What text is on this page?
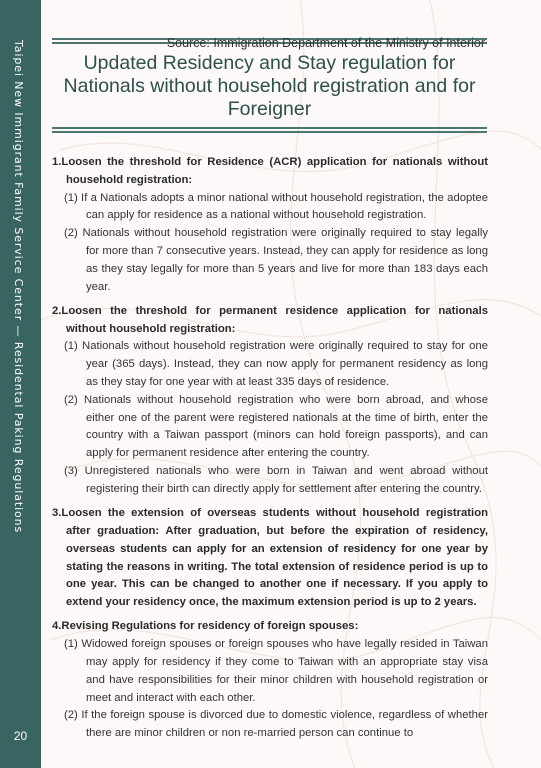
Taipei New Immigrant Family Service Center — Residental Paking Regulations
20
Source: Immigration Department of the Ministry of Interior
Updated Residency and Stay regulation for Nationals without household registration and for Foreigner

1.Loosen the threshold for Residence (ACR) application for nationals without household registration:

(1) If a Nationals adopts a minor national without household registration, the adoptee can apply for residence as a national without household registration.

(2) Nationals without household registration were originally required to stay legally for more than 7 consecutive years. Instead, they can apply for residence as long as they stay legally for more than 5 years and live for more than 183 days each year.

2.Loosen the threshold for permanent residence application for nationals without household registration:

(1) Nationals without household registration were originally required to stay for one year (365 days). Instead, they can now apply for permanent residency as long as they stay for one year with at least 335 days of residence.

(2) Nationals without household registration who were born abroad, and whose either one of the parent were registered nationals at the time of birth, enter the country with a Taiwan passport (minors can hold foreign passports), and can apply for permanent residence after entering the country.

(3) Unregistered nationals who were born in Taiwan and went abroad without registering their birth can directly apply for settlement after entering the country.

3.Loosen the extension of overseas students without household registration after graduation: After graduation, but before the expiration of residency, overseas students can apply for an extension of residency for one year by stating the reasons in writing. The total extension of residence period is up to one year. This can be changed to another one if necessary. If you apply to extend your residency once, the maximum extension period is up to 2 years.

4.Revising Regulations for residency of foreign spouses:

(1) Widowed foreign spouses or foreign spouses who have legally resided in Taiwan may apply for residency if they come to Taiwan with an appropriate stay visa and have responsibilities for their minor children with household registration or meet and interact with each other.

(2) If the foreign spouse is divorced due to domestic violence, regardless of whether there are minor children or non re-married person can continue to
